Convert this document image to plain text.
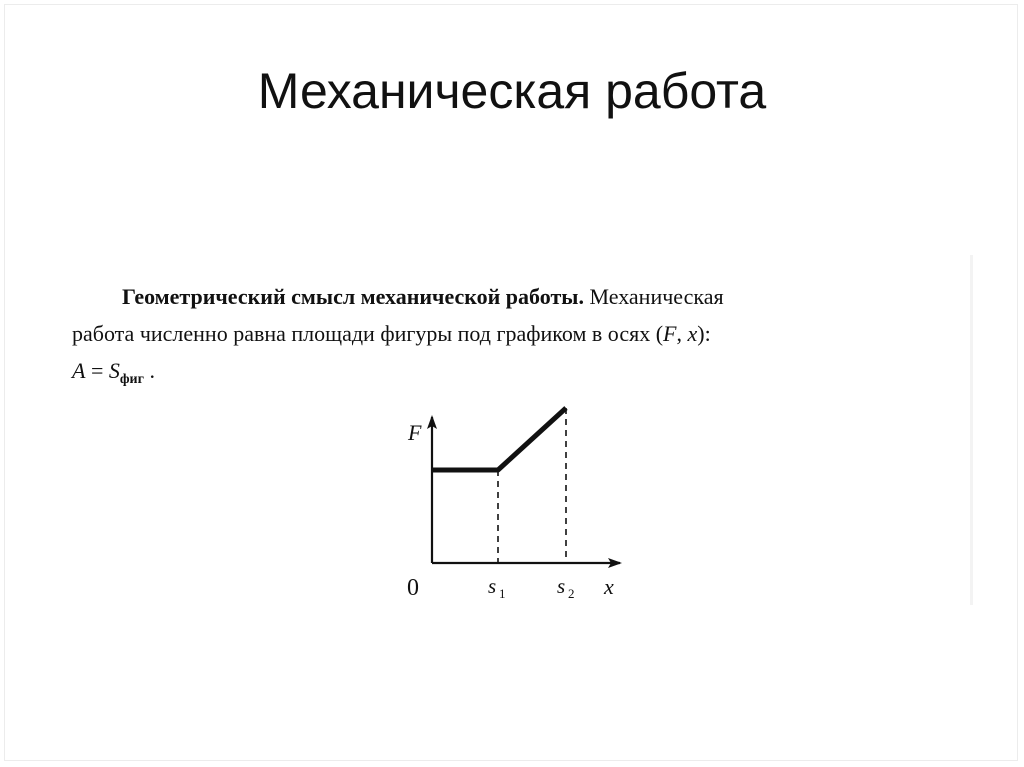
Механическая работа
Геометрический смысл механической работы. Механическая
работа численно равна площади фигуры под графиком в осях (F, x):
$A = S_{фиг}$ .
F
x
0	s 1 s 2
